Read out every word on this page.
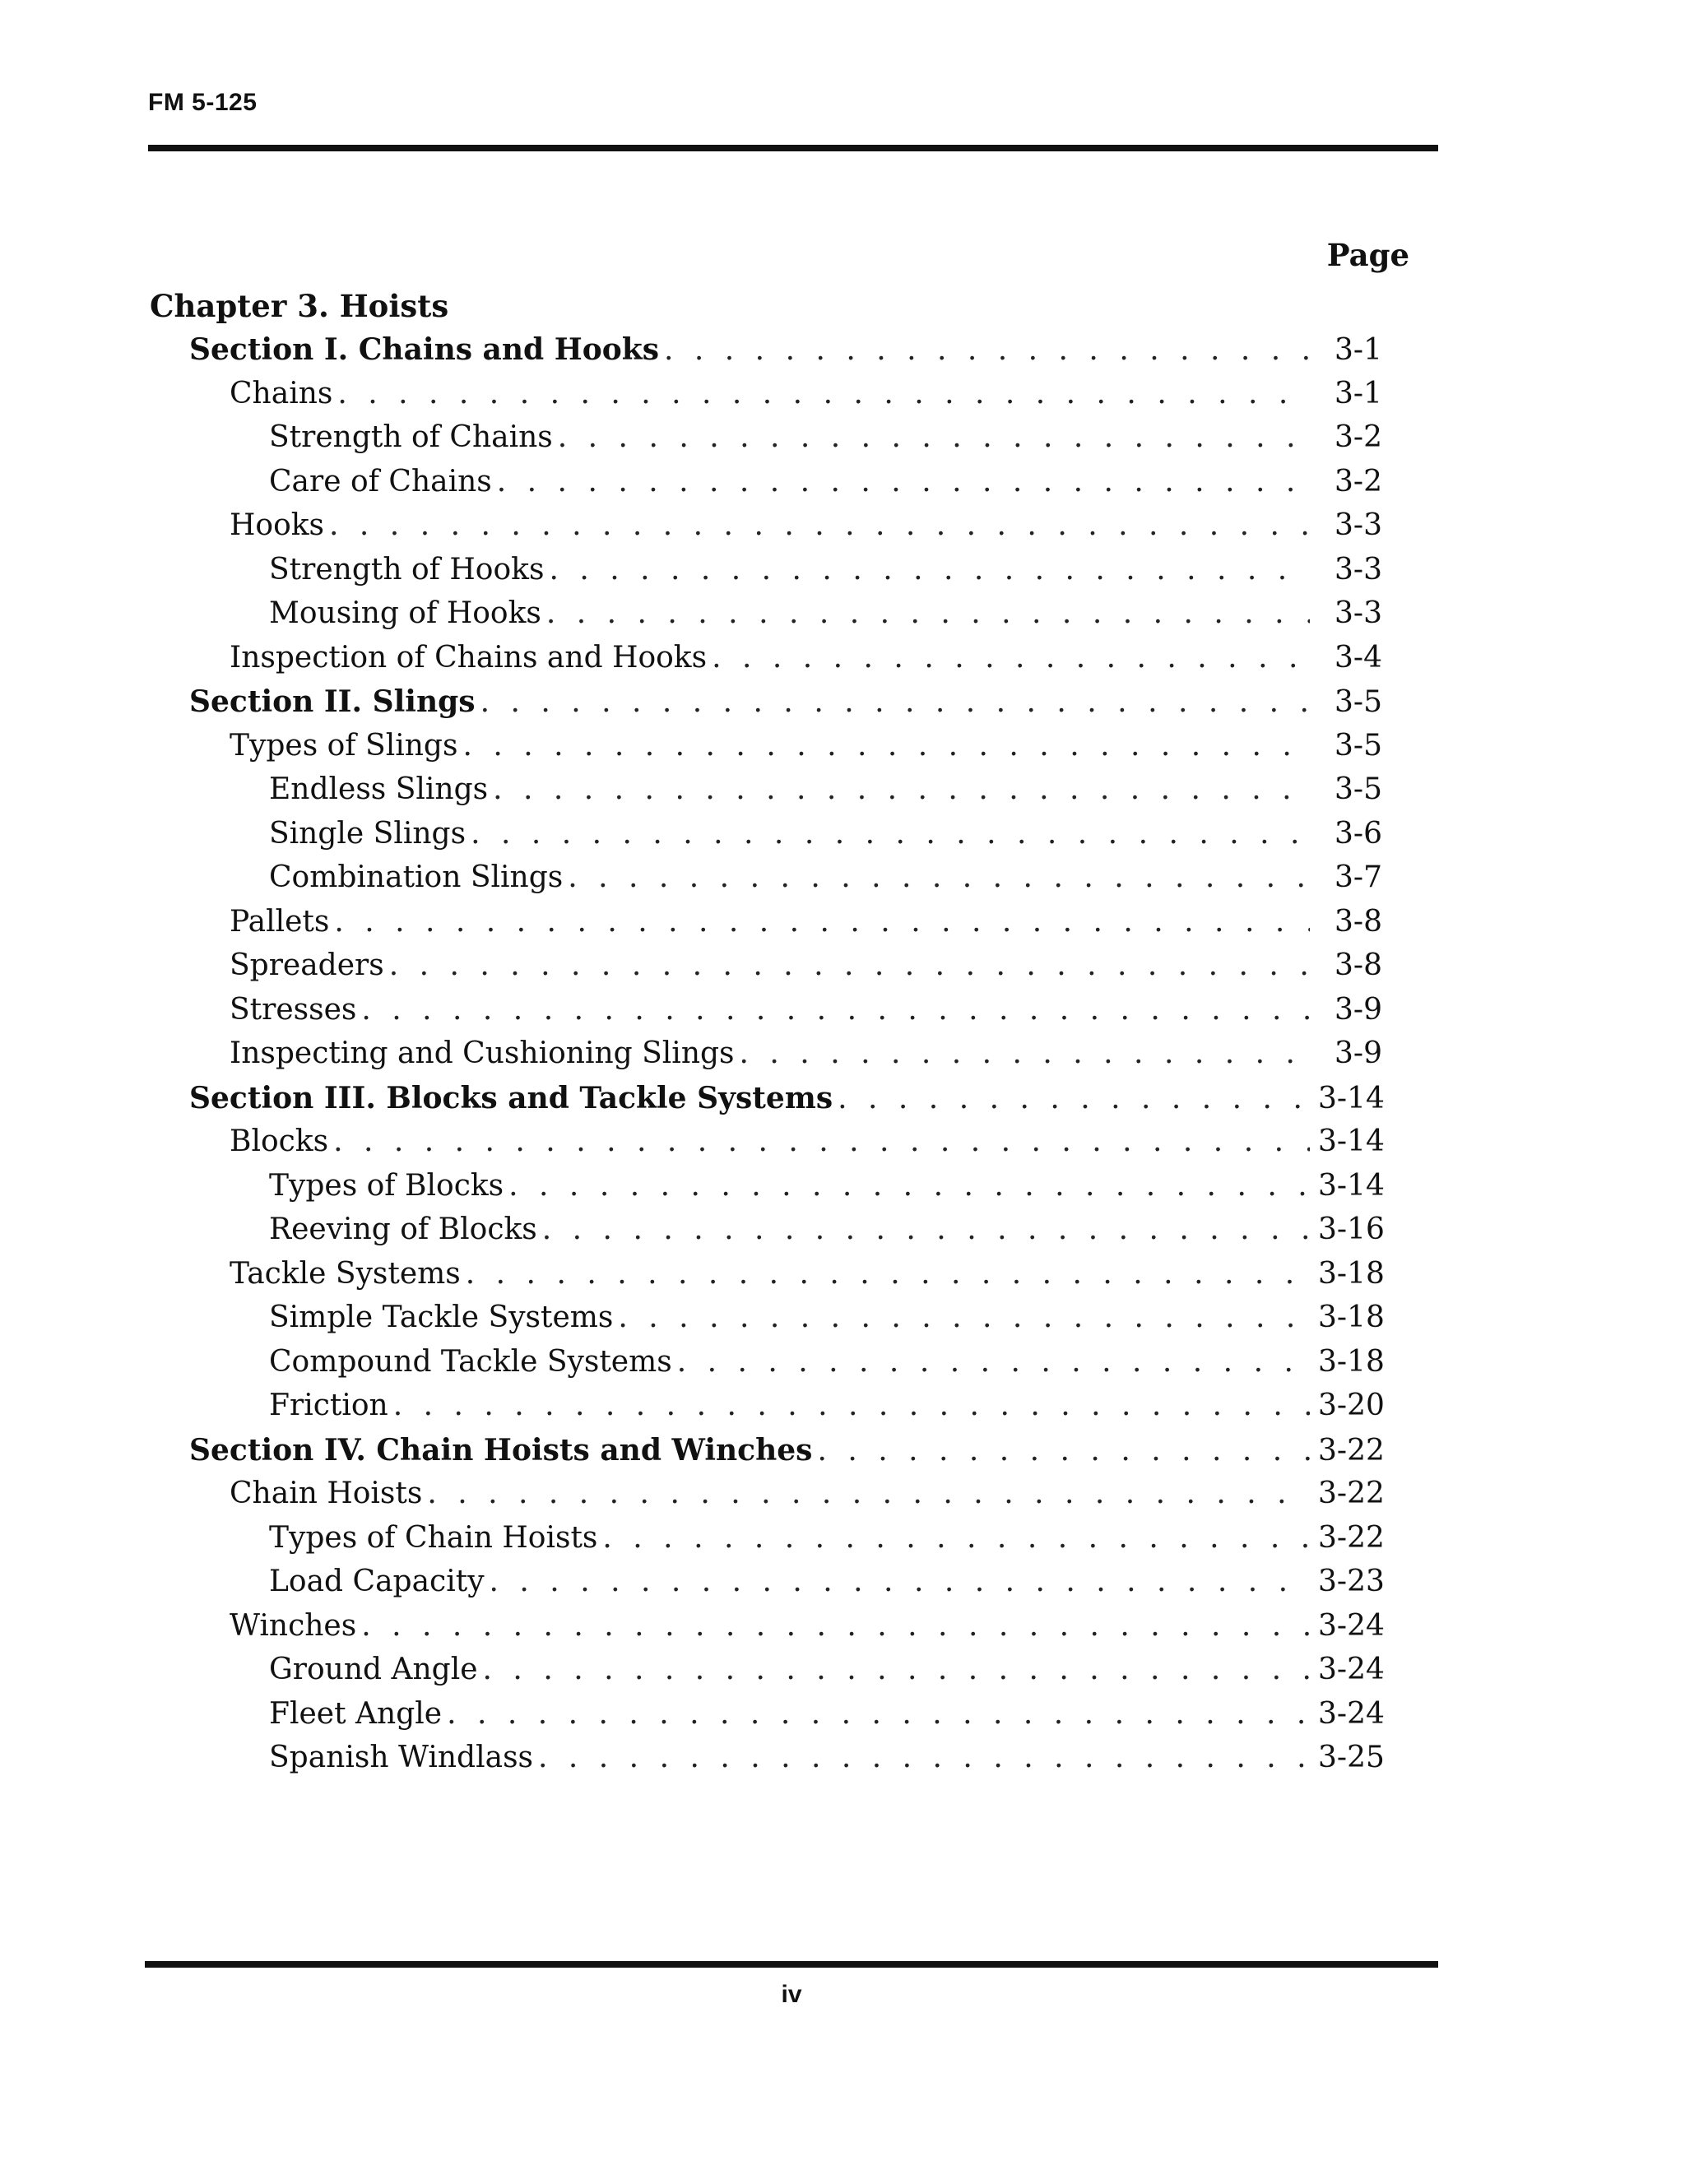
FM 5-125
Page
Chapter 3. Hoists
Section I. Chains and Hooks . . .	3-1
Chains . . .	3-1
Strength of Chains . . .	3-2
Care of Chains . . .	3-2
Hooks . . .	3-3
Strength of Hooks . . .	3-3
Mousing of Hooks . . .	3-3
Inspection of Chains and Hooks . . .	3-4
Section II. Slings . . .	3-5
Types of Slings . . .	3-5
Endless Slings . . .	3-5
Single Slings . . .	3-6
Combination Slings . . .	3-7
Pallets . . .	3-8
Spreaders . . .	3-8
Stresses . . .	3-9
Inspecting and Cushioning Slings . . .	3-9
Section III. Blocks and Tackle Systems . . .	3-14
Blocks . . .	3-14
Types of Blocks . . .	3-14
Reeving of Blocks . . .	3-16
Tackle Systems . . .	3-18
Simple Tackle Systems . . .	3-18
Compound Tackle Systems . . .	3-18
Friction . . .	3-20
Section IV. Chain Hoists and Winches . . .	3-22
Chain Hoists . . .	3-22
Types of Chain Hoists . . .	3-22
Load Capacity . . .	3-23
Winches . . .	3-24
Ground Angle . . .	3-24
Fleet Angle . . .	3-24
Spanish Windlass . . .	3-25
iv
